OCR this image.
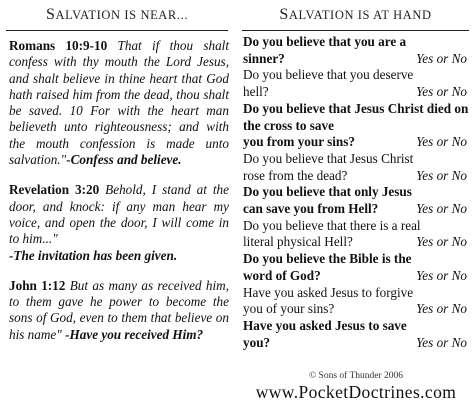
S ALVATION IS NEAR...
Romans 10:9-10 That if thou shalt confess with thy mouth the Lord Jesus, and shalt believe in thine heart that God hath raised him from the dead, thou shalt be saved. 10 For with the heart man believeth unto righteousness; and with the mouth confession is made unto salvation."-Confess and believe.
Revelation 3:20 Behold, I stand at the door, and knock: if any man hear my voice, and open the door, I will come in to him..."
-The invitation has been given.
John 1:12 But as many as received him, to them gave he power to become the sons of God, even to them that believe on his name" -Have you received Him?
S ALVATION IS AT HAND
Do you believe that you are a
Yes or No
sinner?
Do you believe that you deserve
Yes or No
hell?
Do you believe that Jesus Christ died on the cross to save
Yes or No
you from your sins?
Do you believe that Jesus Christ
Yes or No
rose from the dead?
Do you believe that only Jesus
Yes or No
can save you from Hell?
Do you believe that there is a real
Yes or No
literal physical Hell?
Do you believe the Bible is the
Yes or No
word of God?
Have you asked Jesus to forgive
Yes or No
you of your sins?
Have you asked Jesus to save
Yes or No
you?
© Sons of Thunder 2006
www.PocketDoctrines.com
